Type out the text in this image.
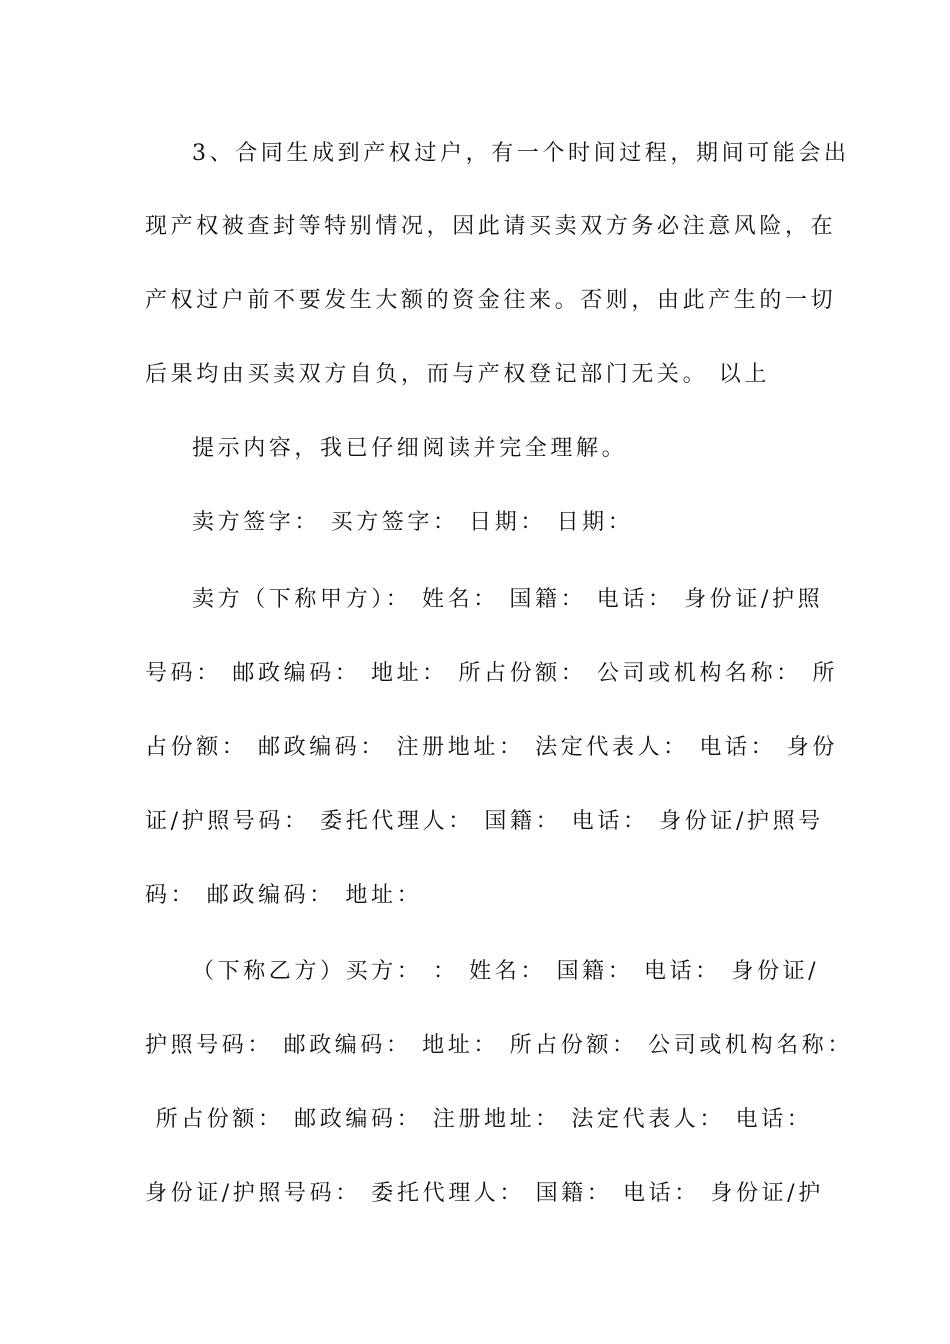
3、合同生成到产权过户，有一个时间过程，期间可能会出
现产权被查封等特别情况，因此请买卖双方务必注意风险，在
产权过户前不要发生大额的资金往来。否则，由此产生的一切
后果均由买卖双方自负，而与产权登记部门无关。 以上
提示内容，我已仔细阅读并完全理解。
卖方签字： 买方签字： 日期： 日期：
卖方（下称甲方）： 姓名： 国籍： 电话： 身份证/护照
号码： 邮政编码： 地址： 所占份额： 公司或机构名称： 所
占份额： 邮政编码： 注册地址： 法定代表人： 电话： 身份
证/护照号码： 委托代理人： 国籍： 电话： 身份证/护照号
码： 邮政编码： 地址：
（下称乙方）买方： ： 姓名： 国籍： 电话： 身份证/
护照号码： 邮政编码： 地址： 所占份额： 公司或机构名称：
所占份额： 邮政编码： 注册地址： 法定代表人： 电话：
身份证/护照号码： 委托代理人： 国籍： 电话： 身份证/护
